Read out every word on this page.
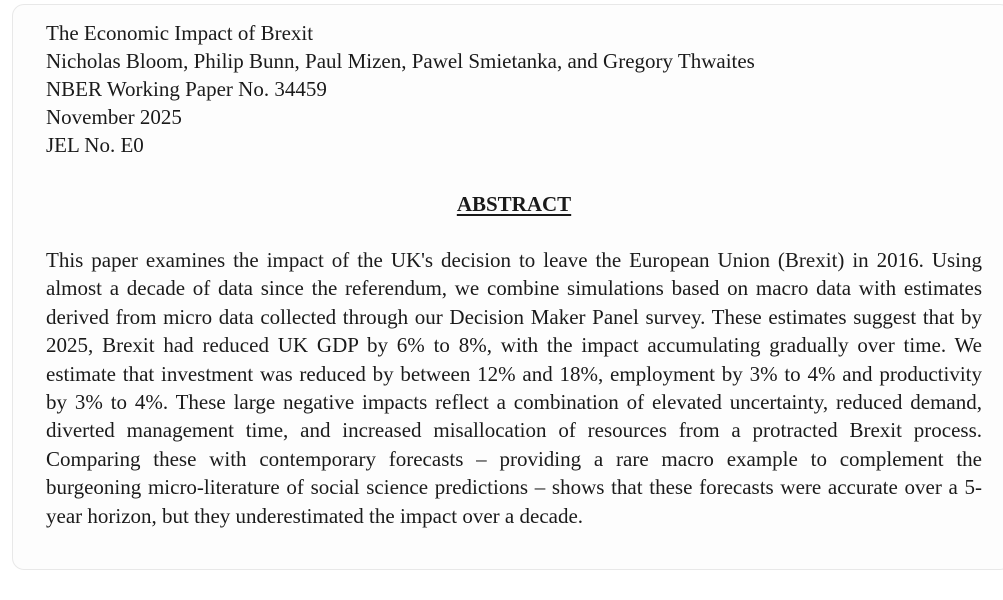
The Economic Impact of Brexit
Nicholas Bloom, Philip Bunn, Paul Mizen, Pawel Smietanka, and Gregory Thwaites
NBER Working Paper No. 34459
November 2025
JEL No. E0
ABSTRACT
This paper examines the impact of the UK's decision to leave the European Union (Brexit) in 2016. Using almost a decade of data since the referendum, we combine simulations based on macro data with estimates derived from micro data collected through our Decision Maker Panel survey. These estimates suggest that by 2025, Brexit had reduced UK GDP by 6% to 8%, with the impact accumulating gradually over time. We estimate that investment was reduced by between 12% and 18%, employment by 3% to 4% and productivity by 3% to 4%. These large negative impacts reflect a combination of elevated uncertainty, reduced demand, diverted management time, and increased misallocation of resources from a protracted Brexit process. Comparing these with contemporary forecasts – providing a rare macro example to complement the burgeoning micro-literature of social science predictions – shows that these forecasts were accurate over a 5-year horizon, but they underestimated the impact over a decade.
